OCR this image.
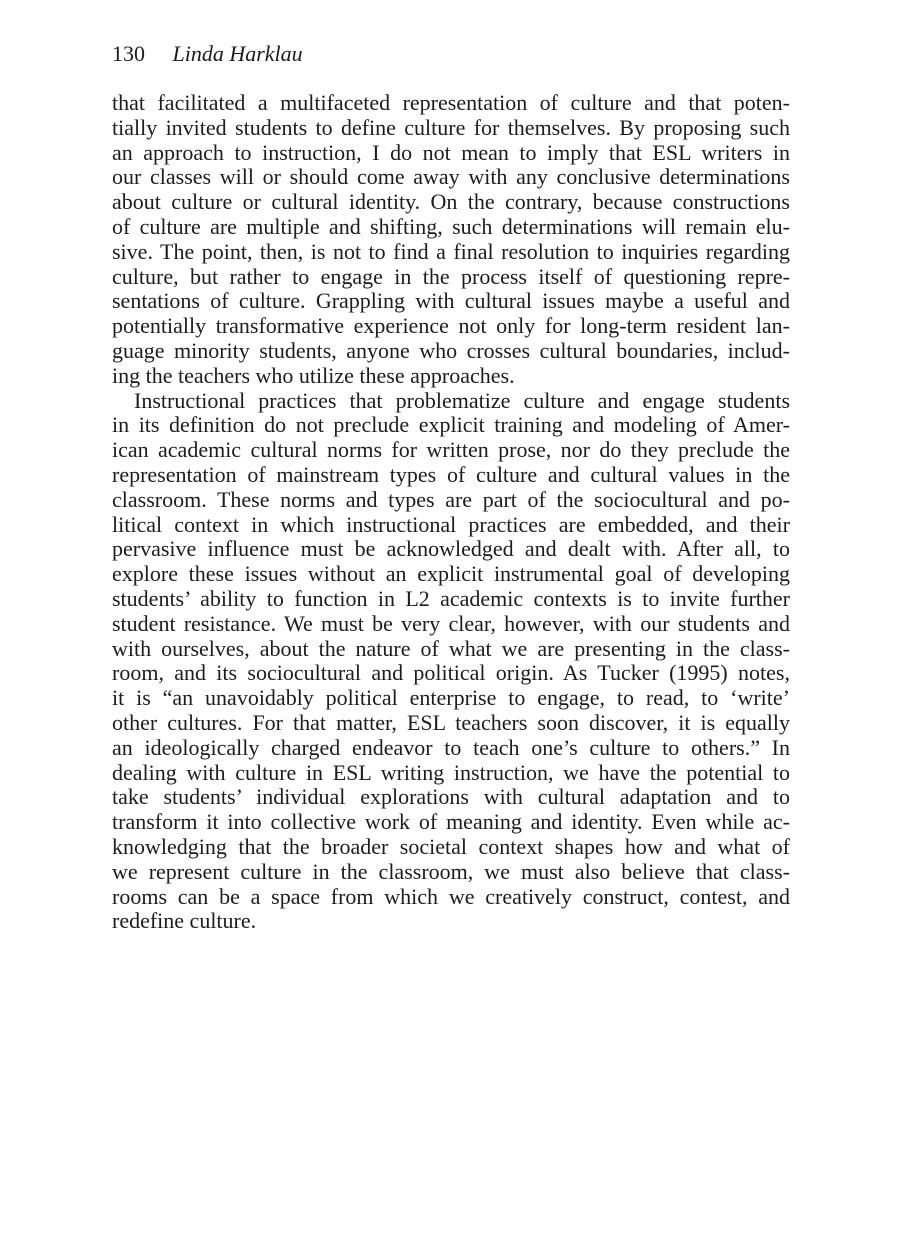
130 Linda Harklau
that facilitated a multifaceted representation of culture and that poten-
tially invited students to define culture for themselves. By proposing such
an approach to instruction, I do not mean to imply that ESL writers in
our classes will or should come away with any conclusive determinations
about culture or cultural identity. On the contrary, because constructions
of culture are multiple and shifting, such determinations will remain elu-
sive. The point, then, is not to find a final resolution to inquiries regarding
culture, but rather to engage in the process itself of questioning repre-
sentations of culture. Grappling with cultural issues maybe a useful and
potentially transformative experience not only for long-term resident lan-
guage minority students, anyone who crosses cultural boundaries, includ-
ing the teachers who utilize these approaches.
Instructional practices that problematize culture and engage students
in its definition do not preclude explicit training and modeling of Amer-
ican academic cultural norms for written prose, nor do they preclude the
representation of mainstream types of culture and cultural values in the
classroom. These norms and types are part of the sociocultural and po-
litical context in which instructional practices are embedded, and their
pervasive influence must be acknowledged and dealt with. After all, to
explore these issues without an explicit instrumental goal of developing
students’ ability to function in L2 academic contexts is to invite further
student resistance. We must be very clear, however, with our students and
with ourselves, about the nature of what we are presenting in the class-
room, and its sociocultural and political origin. As Tucker (1995) notes,
it is “an unavoidably political enterprise to engage, to read, to ‘write’
other cultures. For that matter, ESL teachers soon discover, it is equally
an ideologically charged endeavor to teach one’s culture to others.” In
dealing with culture in ESL writing instruction, we have the potential to
take students’ individual explorations with cultural adaptation and to
transform it into collective work of meaning and identity. Even while ac-
knowledging that the broader societal context shapes how and what of
we represent culture in the classroom, we must also believe that class-
rooms can be a space from which we creatively construct, contest, and
redefine culture.
